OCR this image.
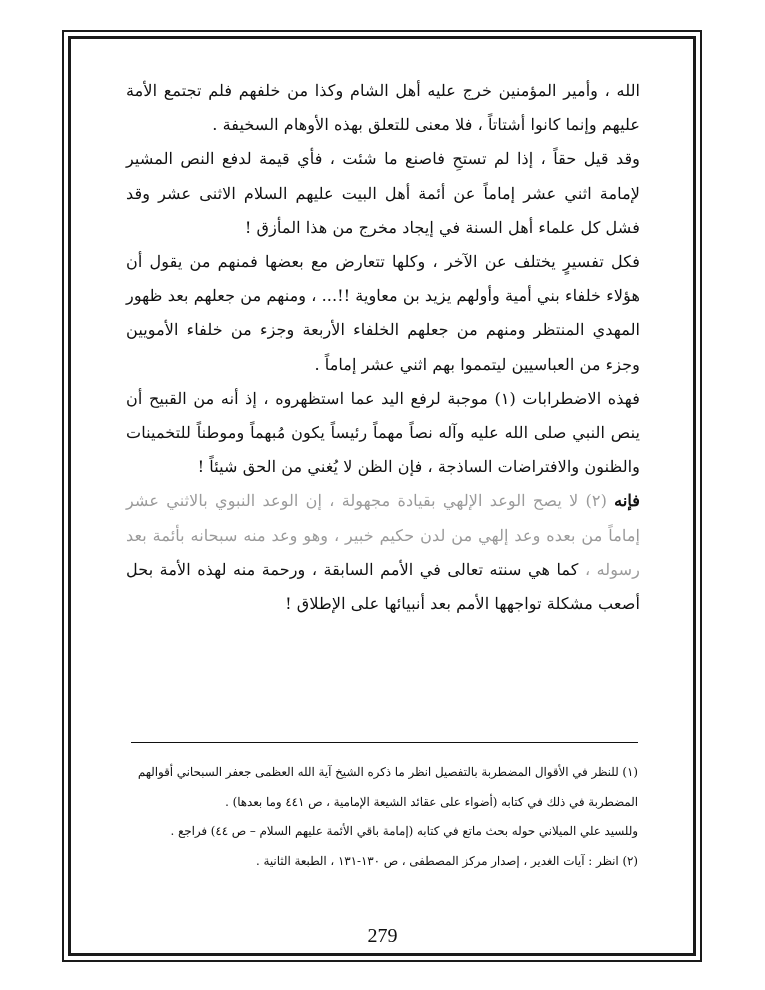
الله ، وأمير المؤمنين خرج عليه أهل الشام وكذا من خلفهم فلم تجتمع الأمة عليهم وإنما كانوا أشتاتاً ، فلا معنى للتعلق بهذه الأوهام السخيفة .

وقد قيل حقاً ، إذا لم تستحِ فاصنع ما شئت ، فأي قيمة لدفع النص المشير لإمامة اثني عشر إماماً عن أئمة أهل البيت عليهم السلام الاثنى عشر وقد فشل كل علماء أهل السنة في إيجاد مخرج من هذا المأزق !

فكل تفسيرٍ يختلف عن الآخر ، وكلها تتعارض مع بعضها فمنهم من يقول أن هؤلاء خلفاء بني أمية وأولهم يزيد بن معاوية !!... ، ومنهم من جعلهم بعد ظهور المهدي المنتظر ومنهم من جعلهم الخلفاء الأربعة وجزء من خلفاء الأمويين وجزء من العباسيين ليتمموا بهم اثني عشر إماماً .

فهذه الاضطرابات (١) موجبة لرفع اليد عما استظهروه ، إذ أنه من القبيح أن ينص النبي صلى الله عليه وآله نصاً مهماً رئيساً يكون مُبهماً وموطناً للتخمينات والظنون والافتراضات الساذجة ، فإن الظن لا يُغني من الحق شيئاً !

فإنه (٢) لا يصح الوعد الإلهي بقيادة مجهولة ، إن الوعد النبوي بالاثني عشر إماماً من بعده وعد إلهي من لدن حكيم خبير ، وهو وعد منه سبحانه بأئمة بعد رسوله ، كما هي سنته تعالى في الأمم السابقة ، ورحمة منه لهذه الأمة بحل أصعب مشكلة تواجهها الأمم بعد أنبيائها على الإطلاق !

(١) للنظر في الأقوال المضطربة بالتفصيل انظر ما ذكره الشيخ آية الله العظمى جعفر السبحاني أقوالهم

المضطربة في ذلك في كتابه (أضواء على عقائد الشيعة الإمامية ، ص ٤٤١ وما بعدها) .

وللسيد علي الميلاني حوله بحث ماتع في كتابه (إمامة باقي الأئمة عليهم السلام – ص ٤٤) فراجع .

(٢) انظر : آيات الغدير ، إصدار مركز المصطفى ، ص ١٣٠-١٣١ ، الطبعة الثانية .

279
